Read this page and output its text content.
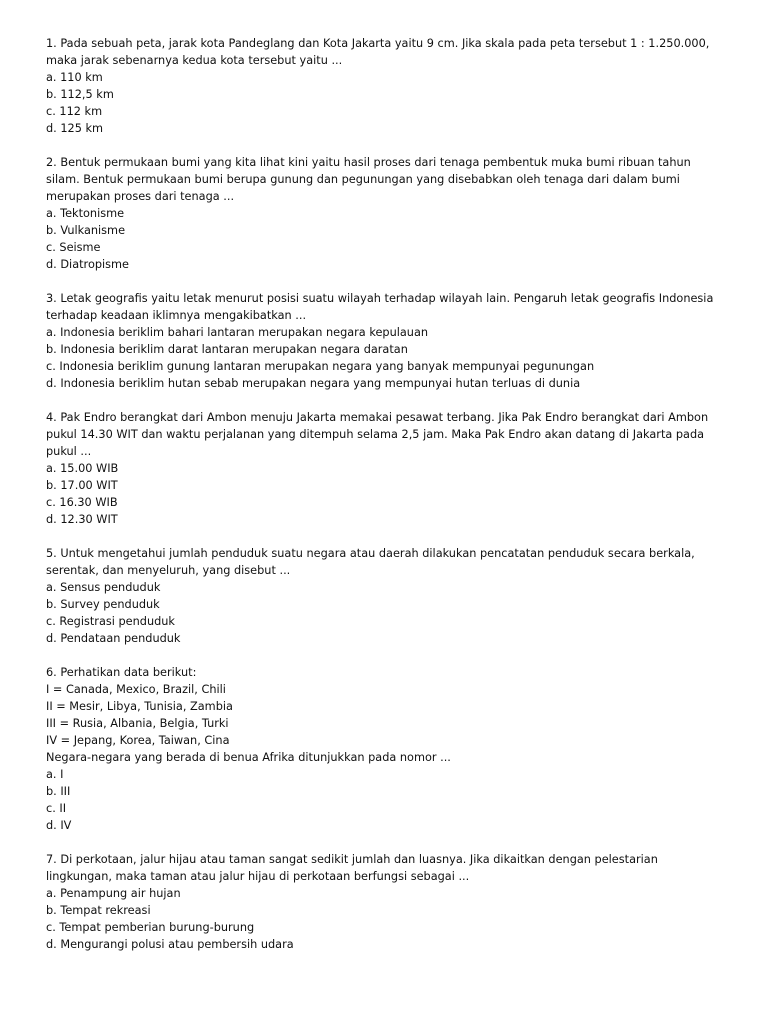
1. Pada sebuah peta, jarak kota Pandeglang dan Kota Jakarta yaitu 9 cm. Jika skala pada peta tersebut 1 : 1.250.000, maka jarak sebenarnya kedua kota tersebut yaitu ...

a. 110 km

b. 112,5 km

c. 112 km

d. 125 km

2. Bentuk permukaan bumi yang kita lihat kini yaitu hasil proses dari tenaga pembentuk muka bumi ribuan tahun silam. Bentuk permukaan bumi berupa gunung dan pegunungan yang disebabkan oleh tenaga dari dalam bumi merupakan proses dari tenaga ...

a. Tektonisme

b. Vulkanisme

c. Seisme

d. Diatropisme

3. Letak geografis yaitu letak menurut posisi suatu wilayah terhadap wilayah lain. Pengaruh letak geografis Indonesia terhadap keadaan iklimnya mengakibatkan ...

a. Indonesia beriklim bahari lantaran merupakan negara kepulauan

b. Indonesia beriklim darat lantaran merupakan negara daratan

c. Indonesia beriklim gunung lantaran merupakan negara yang banyak mempunyai pegunungan

d. Indonesia beriklim hutan sebab merupakan negara yang mempunyai hutan terluas di dunia

4. Pak Endro berangkat dari Ambon menuju Jakarta memakai pesawat terbang. Jika Pak Endro berangkat dari Ambon pukul 14.30 WIT dan waktu perjalanan yang ditempuh selama 2,5 jam. Maka Pak Endro akan datang di Jakarta pada pukul ...

a. 15.00 WIB

b. 17.00 WIT

c. 16.30 WIB

d. 12.30 WIT

5. Untuk mengetahui jumlah penduduk suatu negara atau daerah dilakukan pencatatan penduduk secara berkala, serentak, dan menyeluruh, yang disebut ...

a. Sensus penduduk

b. Survey penduduk

c. Registrasi penduduk

d. Pendataan penduduk

6. Perhatikan data berikut:

I = Canada, Mexico, Brazil, Chili

II = Mesir, Libya, Tunisia, Zambia

III = Rusia, Albania, Belgia, Turki

IV = Jepang, Korea, Taiwan, Cina

Negara-negara yang berada di benua Afrika ditunjukkan pada nomor ...

a. I

b. III

c. II

d. IV

7. Di perkotaan, jalur hijau atau taman sangat sedikit jumlah dan luasnya. Jika dikaitkan dengan pelestarian lingkungan, maka taman atau jalur hijau di perkotaan berfungsi sebagai ...

a. Penampung air hujan

b. Tempat rekreasi

c. Tempat pemberian burung-burung

d. Mengurangi polusi atau pembersih udara
